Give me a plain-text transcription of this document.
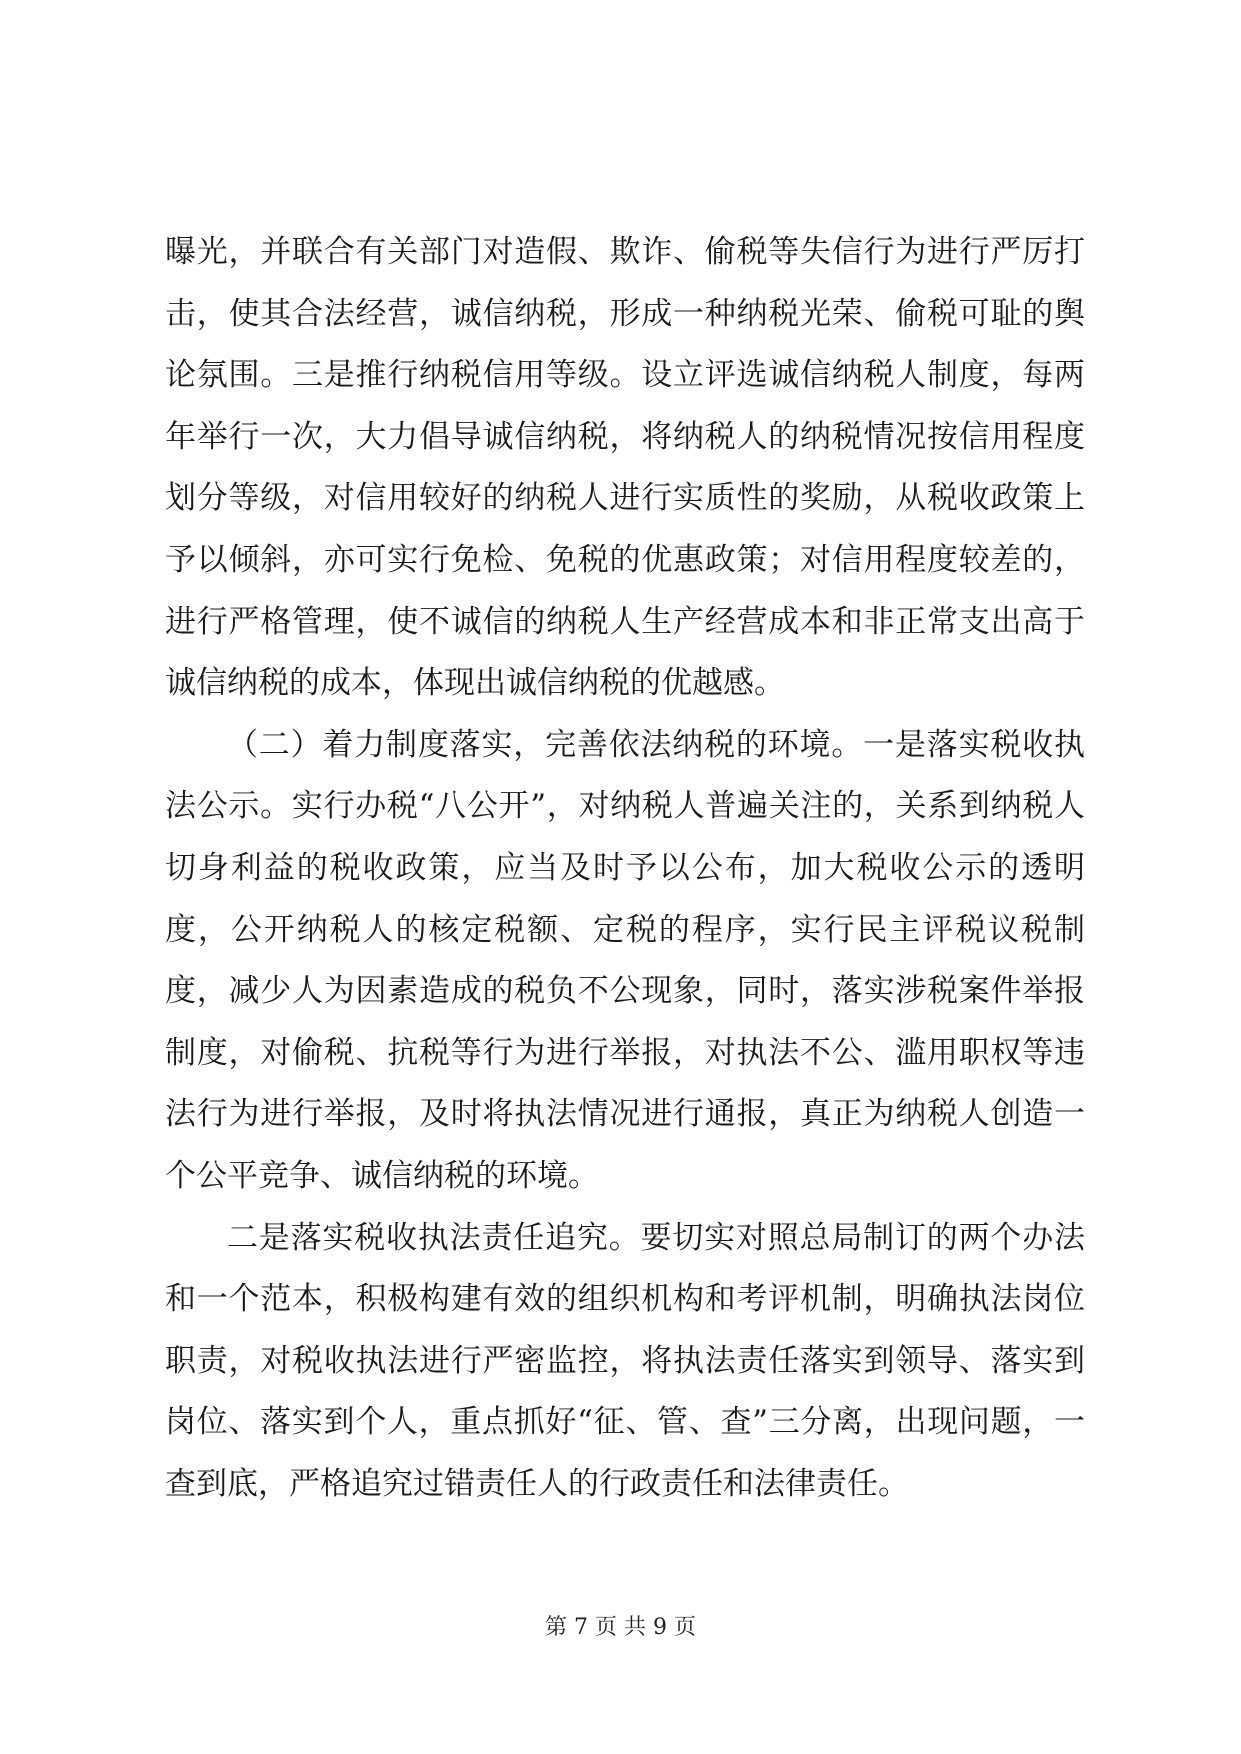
曝光，并联合有关部门对造假、欺诈、偷税等失信行为进行严厉打击，使其合法经营，诚信纳税，形成一种纳税光荣、偷税可耻的舆论氛围。三是推行纳税信用等级。设立评选诚信纳税人制度，每两年举行一次，大力倡导诚信纳税，将纳税人的纳税情况按信用程度划分等级，对信用较好的纳税人进行实质性的奖励，从税收政策上予以倾斜，亦可实行免检、免税的优惠政策；对信用程度较差的，进行严格管理，使不诚信的纳税人生产经营成本和非正常支出高于诚信纳税的成本，体现出诚信纳税的优越感。

（二）着力制度落实，完善依法纳税的环境。一是落实税收执法公示。实行办税“八公开”，对纳税人普遍关注的，关系到纳税人切身利益的税收政策，应当及时予以公布，加大税收公示的透明度，公开纳税人的核定税额、定税的程序，实行民主评税议税制度，减少人为因素造成的税负不公现象，同时，落实涉税案件举报制度，对偷税、抗税等行为进行举报，对执法不公、滥用职权等违法行为进行举报，及时将执法情况进行通报，真正为纳税人创造一个公平竞争、诚信纳税的环境。

二是落实税收执法责任追究。要切实对照总局制订的两个办法和一个范本，积极构建有效的组织机构和考评机制，明确执法岗位职责，对税收执法进行严密监控，将执法责任落实到领导、落实到岗位、落实到个人，重点抓好“征、管、查”三分离，出现问题，一查到底，严格追究过错责任人的行政责任和法律责任。

第 7 页 共 9 页
